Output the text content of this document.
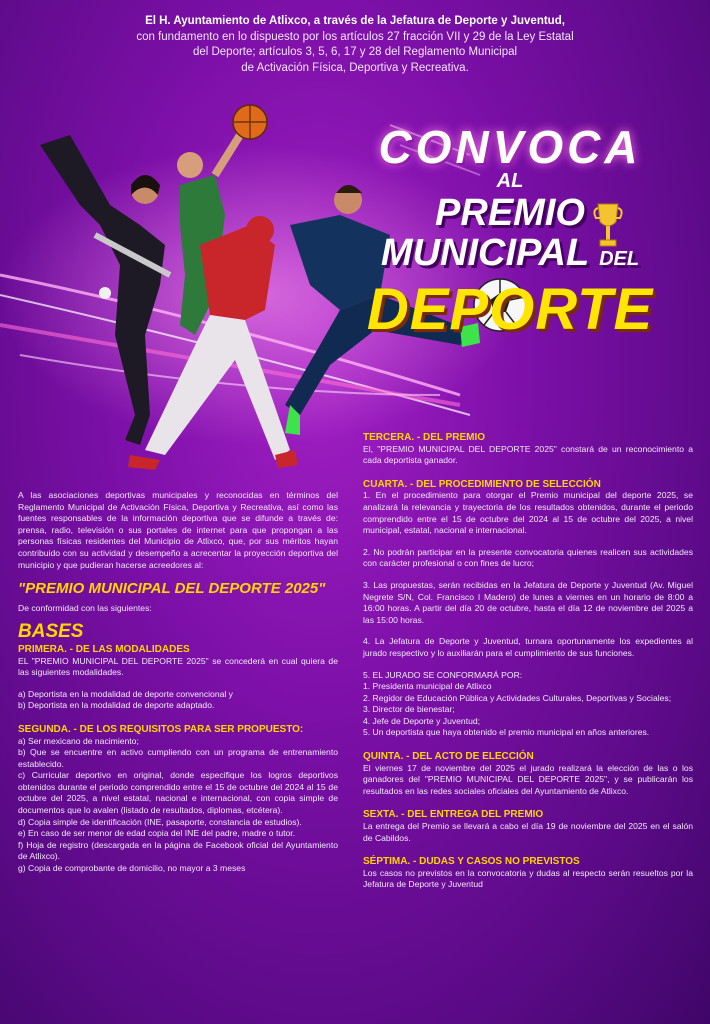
El H. Ayuntamiento de Atlixco, a través de la Jefatura de Deporte y Juventud,
con fundamento en lo dispuesto por los artículos 27 fracción VII y 29 de la Ley Estatal
del Deporte; artículos 3, 5, 6, 17 y 28 del Reglamento Municipal
de Activación Física, Deportiva y Recreativa.
CONVOCA
AL
PREMIO
MUNICIPAL DEL
DEPORTE

A las asociaciones deportivas municipales y reconocidas en términos del Reglamento Municipal de Activación Física, Deportiva y Recreativa, así como las fuentes responsables de la información deportiva que se difunde a través de: prensa, radio, televisión o sus portales de internet para que propongan a las personas físicas residentes del Municipio de Atlixco, que, por sus méritos hayan contribuido con su actividad y desempeño a acrecentar la proyección deportiva del municipio y que pudieran hacerse acreedores al:

"PREMIO MUNICIPAL DEL DEPORTE 2025"

De conformidad con las siguientes:

BASES
PRIMERA. - DE LAS MODALIDADES

EL "PREMIO MUNICIPAL DEL DEPORTE 2025" se concederá en cual quiera de las siguientes modalidades.

a) Deportista en la modalidad de deporte convencional y

b) Deportista en la modalidad de deporte adaptado.

SEGUNDA. - DE LOS REQUISITOS PARA SER PROPUESTO:

a) Ser mexicano de nacimiento;

b) Que se encuentre en activo cumpliendo con un programa de entrenamiento establecido.

c) Curricular deportivo en original, donde especifique los logros deportivos obtenidos durante el periodo comprendido entre el 15 de octubre del 2024 al 15 de octubre del 2025, a nivel estatal, nacional e internacional, con copia simple de documentos que lo avalen (listado de resultados, diplomas, etcétera).

d) Copia simple de identificación (INE, pasaporte, constancia de estudios).

e) En caso de ser menor de edad copia del INE del padre, madre o tutor.

f) Hoja de registro (descargada en la página de Facebook oficial del Ayuntamiento de Atlixco).

g) Copia de comprobante de domicilio, no mayor a 3 meses

TERCERA. - DEL PREMIO

El, "PREMIO MUNICIPAL DEL DEPORTE 2025" constará de un reconocimiento a cada deportista ganador.

CUARTA. - DEL PROCEDIMIENTO DE SELECCIÓN

1. En el procedimiento para otorgar el Premio municipal del deporte 2025, se analizará la relevancia y trayectoria de los resultados obtenidos, durante el periodo comprendido entre el 15 de octubre del 2024 al 15 de octubre del 2025, a nivel municipal, estatal, nacional e internacional.

2. No podrán participar en la presente convocatoria quienes realicen sus actividades con carácter profesional o con fines de lucro;

3. Las propuestas, serán recibidas en la Jefatura de Deporte y Juventud (Av. Miguel Negrete S/N, Col. Francisco I Madero) de lunes a viernes en un horario de 8:00 a 16:00 horas. A partir del día 20 de octubre, hasta el día 12 de noviembre del 2025 a las 15:00 horas.

4. La Jefatura de Deporte y Juventud, turnara oportunamente los expedientes al jurado respectivo y lo auxiliarán para el cumplimiento de sus funciones.

5. EL JURADO SE CONFORMARÁ POR:

1. Presidenta municipal de Atlixco

2. Regidor de Educación Pública y Actividades Culturales, Deportivas y Sociales;

3. Director de bienestar;

4. Jefe de Deporte y Juventud;

5. Un deportista que haya obtenido el premio municipal en años anteriores.

QUINTA. - DEL ACTO DE ELECCIÓN

El viernes 17 de noviembre del 2025 el jurado realizará la elección de las o los ganadores del "PREMIO MUNICIPAL DEL DEPORTE 2025", y se publicarán los resultados en las redes sociales oficiales del Ayuntamiento de Atlixco.

SEXTA. - DEL ENTREGA DEL PREMIO

La entrega del Premio se llevará a cabo el día 19 de noviembre del 2025 en el salón de Cabildos.

SÉPTIMA. - DUDAS Y CASOS NO PREVISTOS

Los casos no previstos en la convocatoria y dudas al respecto serán resueltos por la Jefatura de Deporte y Juventud
